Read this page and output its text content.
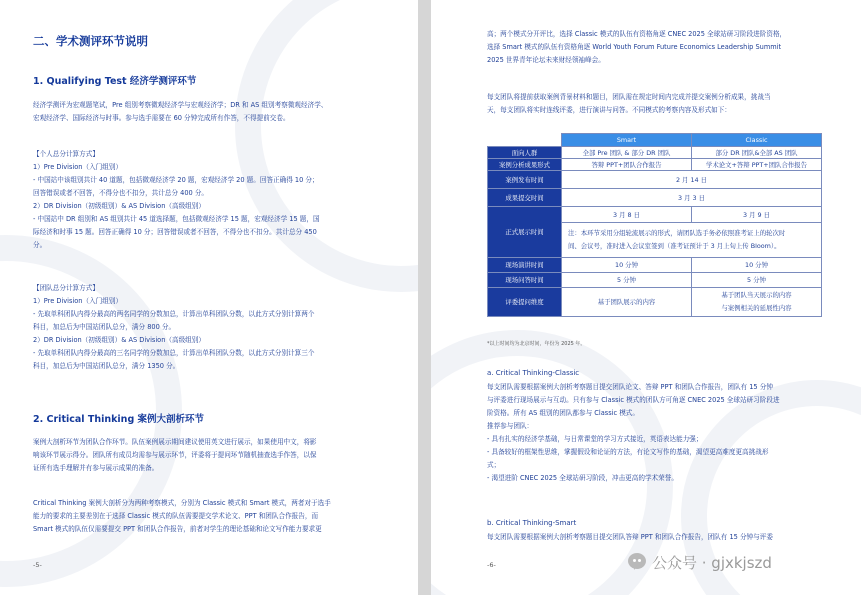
二、学术测评环节说明
1. Qualifying Test 经济学测评环节
经济学测评为宏观题笔试，Pre 组别考察微观经济学与宏观经济学；DR 和 AS 组别考察微观经济学、
宏观经济学、国际经济与时事。参与选手需要在 60 分钟完成所有作答，不得提前交卷。
【个人总分计算方式】
1）Pre Division（入门组别）
- 中国站中该组别共计 40 道题，包括微观经济学 20 题，宏观经济学 20 题。回答正确得 10 分；
回答错误或者不回答，不得分也不扣分，共计总分 400 分。
2）DR Division（初级组别）& AS Division（高级组别）
- 中国站中 DR 组别和 AS 组别共计 45 道选择题，包括微观经济学 15 题，宏观经济学 15 题，国
际经济和时事 15 题。回答正确得 10 分；回答错误或者不回答，不得分也不扣分。共计总分 450
分。
【团队总分计算方式】
1）Pre Division（入门组别）
- 先取单科团队内得分最高的两名同学的分数加总，计算出单科团队分数，以此方式分别计算两个
科目，加总后为中国站团队总分，满分 800 分。
2）DR Division（初级组别）& AS Division（高级组别）
- 先取单科团队内得分最高的三名同学的分数加总，计算出单科团队分数，以此方式分别计算三个
科目，加总后为中国站团队总分，满分 1350 分。
2. Critical Thinking 案例大剖析环节
案例大剖析环节为团队合作环节。队伍案例展示期间建议使用英文进行展示，如果使用中文，将影
响该环节展示得分。团队所有成员均需参与展示环节，评委将于提问环节随机抽查选手作答，以保
证所有选手理解并有参与展示成果的准备。
Critical Thinking 案例大剖析分为两种考察模式，分别为 Classic 模式和 Smart 模式，两者对于选手
能力的要求的主要差别在于选择 Classic 模式的队伍需要提交学术论文、PPT 和团队合作报告，而
Smart 模式的队伍仅需要提交 PPT 和团队合作报告，前者对学生的理论基础和论文写作能力要求更
-5-
高；两个模式分开评比，选择 Classic 模式的队伍有资格角逐 CNEC 2025 全球站研习阶段进阶资格，
选择 Smart 模式的队伍有资格角逐 World Youth Forum Future Economics Leadership Summit
2025 世界青年论坛未来财经领袖峰会。
每支团队将提前获取案例背景材料和题目，团队需在规定时间内完成并提交案例分析成果，挑战当
天，每支团队将实时连线评委，进行演讲与问答。不同模式的考察内容及形式如下：
	Smart	Classic
面向人群	全部 Pre 团队 & 部分 DR 团队	部分 DR 团队&全部 AS 团队
案例分析成果形式	答辩 PPT+团队合作报告	学术论文+答辩 PPT+团队合作报告
案例发布时间	2 月 14 日	
成果提交时间	3 月 3 日	
正式展示时间	3 月 8 日	3 月 9 日

	注：本环节采用分组轮流展示的形式，请团队选手务必依照准考证上的轮次时
间、会议号，准时进入会议室签到（准考证预计于 3 月上旬上传 Bloom）。	

现场演讲时间	10 分钟	10 分钟
现场问答时间	5 分钟	5 分钟
评委提问维度	基于团队展示的内容	基于团队当天展示的内容
与案例相关的延展性内容
*以上时间均为北京时间，年份为 2025 年。
a. Critical Thinking-Classic
每支团队需要根据案例大剖析考察题目提交团队论文、答辩 PPT 和团队合作报告，团队有 15 分钟
与评委进行现场展示与互动。只有参与 Classic 模式的团队方可角逐 CNEC 2025 全球站研习阶段进
阶资格。所有 AS 组别的团队都参与 Classic 模式。
推荐参与团队：
- 具有扎实的经济学基础，与日常课堂的学习方式接近，英语表达能力强；
- 具备较好的框架性思维，掌握假设和论证的方法，有论文写作的基础，渴望更高难度更高挑战形
式；
- 渴望进阶 CNEC 2025 全球站研习阶段，冲击更高的学术荣誉。
b. Critical Thinking-Smart
每支团队需要根据案例大剖析考察题目提交团队答辩 PPT 和团队合作报告，团队有 15 分钟与评委
-6-	公众号 · gjxkjszd
